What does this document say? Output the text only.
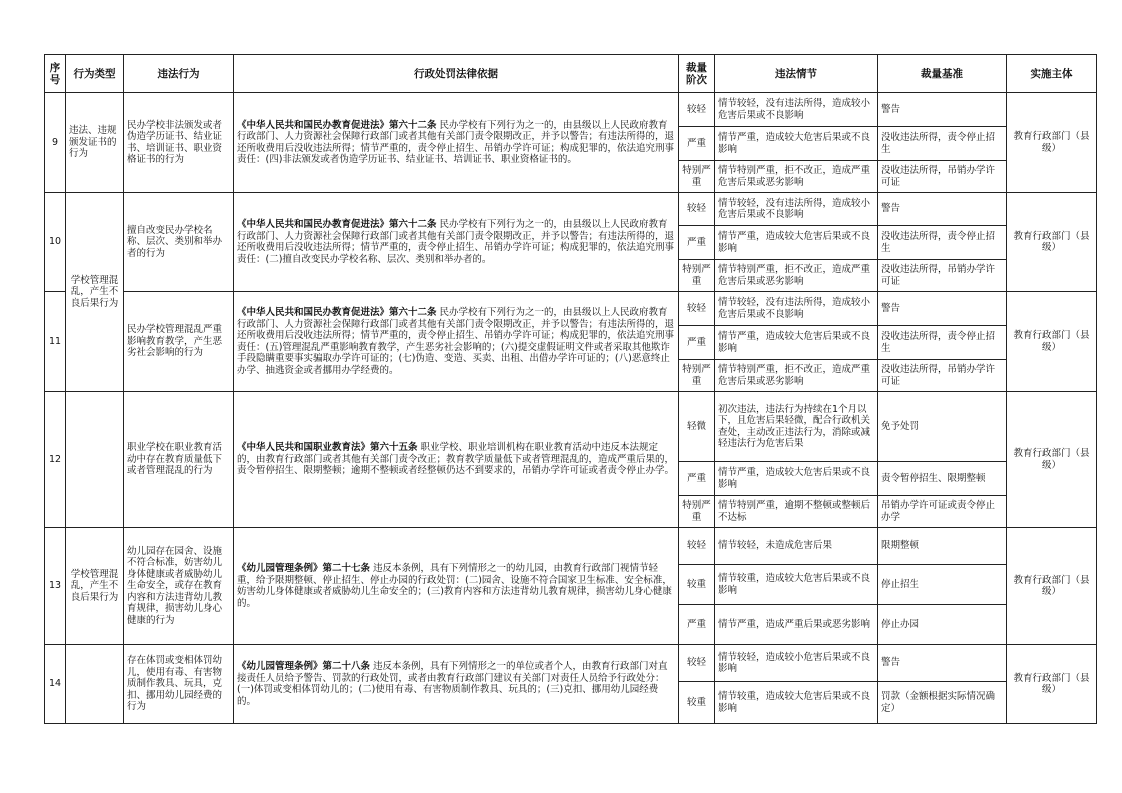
序号	行为类型	违法行为	行政处罚法律依据	裁量阶次	违法情节	裁量基准	实施主体
9	违法、违规颁发证书的行为	民办学校非法颁发或者伪造学历证书、结业证书、培训证书、职业资格证书的行为	《中华人民共和国民办教育促进法》第六十二条 民办学校有下列行为之一的，由县级以上人民政府教育行政部门、人力资源社会保障行政部门或者其他有关部门责令限期改正，并予以警告；有违法所得的，退还所收费用后没收违法所得；情节严重的，责令停止招生、吊销办学许可证；构成犯罪的，依法追究刑事责任：(四)非法颁发或者伪造学历证书、结业证书、培训证书、职业资格证书的。	较轻	情节较轻，没有违法所得，造成较小危害后果或不良影响	警告	教育行政部门（县级）
				严重	情节严重，造成较大危害后果或不良影响	没收违法所得，责令停止招生	
				特别严重	情节特别严重，拒不改正，造成严重危害后果或恶劣影响	没收违法所得，吊销办学许可证	
10	学校管理混乱，产生不良后果行为	擅自改变民办学校名称、层次、类别和举办者的行为	《中华人民共和国民办教育促进法》第六十二条 民办学校有下列行为之一的，由县级以上人民政府教育行政部门、人力资源社会保障行政部门或者其他有关部门责令限期改正，并予以警告；有违法所得的，退还所收费用后没收违法所得；情节严重的，责令停止招生、吊销办学许可证；构成犯罪的，依法追究刑事责任：(二)擅自改变民办学校名称、层次、类别和举办者的。	较轻	情节较轻，没有违法所得，造成较小危害后果或不良影响	警告	教育行政部门（县级）
				严重	情节严重，造成较大危害后果或不良影响	没收违法所得，责令停止招生	
				特别严重	情节特别严重，拒不改正，造成严重危害后果或恶劣影响	没收违法所得，吊销办学许可证	
11		民办学校管理混乱严重影响教育教学，产生恶劣社会影响的行为	《中华人民共和国民办教育促进法》第六十二条 民办学校有下列行为之一的，由县级以上人民政府教育行政部门、人力资源社会保障行政部门或者其他有关部门责令限期改正，并予以警告；有违法所得的，退还所收费用后没收违法所得；情节严重的，责令停止招生、吊销办学许可证；构成犯罪的，依法追究刑事责任：(五)管理混乱严重影响教育教学，产生恶劣社会影响的；(六)提交虚假证明文件或者采取其他欺诈手段隐瞒重要事实骗取办学许可证的；(七)伪造、变造、买卖、出租、出借办学许可证的；(八)恶意终止办学、抽逃资金或者挪用办学经费的。	较轻	情节较轻，没有违法所得，造成较小危害后果或不良影响	警告	教育行政部门（县级）
				严重	情节严重，造成较大危害后果或不良影响	没收违法所得，责令停止招生	
				特别严重	情节特别严重，拒不改正，造成严重危害后果或恶劣影响	没收违法所得，吊销办学许可证	
12		职业学校在职业教育活动中存在教育质量低下或者管理混乱的行为	《中华人民共和国职业教育法》第六十五条 职业学校、职业培训机构在职业教育活动中违反本法规定的，由教育行政部门或者其他有关部门责令改正；教育教学质量低下或者管理混乱的，造成严重后果的，责令暂停招生、限期整顿；逾期不整顿或者经整顿仍达不到要求的，吊销办学许可证或者责令停止办学。	轻微	初次违法，违法行为持续在1个月以下，且危害后果轻微，配合行政机关查处，主动改正违法行为，消除或减轻违法行为危害后果	免予处罚	教育行政部门（县级）
				严重	情节严重，造成较大危害后果或不良影响	责令暂停招生、限期整顿	
				特别严重	情节特别严重，逾期不整顿或整顿后不达标	吊销办学许可证或责令停止办学	
13	学校管理混乱，产生不良后果行为	幼儿园存在园舍、设施不符合标准，妨害幼儿身体健康或者威胁幼儿生命安全，或存在教育内容和方法违背幼儿教育规律，损害幼儿身心健康的行为	《幼儿园管理条例》第二十七条 违反本条例，具有下列情形之一的幼儿园，由教育行政部门视情节轻重，给予限期整顿、停止招生、停止办园的行政处罚：(二)园舍、设施不符合国家卫生标准、安全标准，妨害幼儿身体健康或者威胁幼儿生命安全的；(三)教育内容和方法违背幼儿教育规律，损害幼儿身心健康的。	较轻	情节较轻，未造成危害后果	限期整顿	教育行政部门（县级）
				较重	情节较重，造成较大危害后果或不良影响	停止招生	
				严重	情节严重，造成严重后果或恶劣影响	停止办园	
14		存在体罚或变相体罚幼儿，使用有毒、有害物质制作教具、玩具，克扣、挪用幼儿园经费的行为	《幼儿园管理条例》第二十八条 违反本条例，具有下列情形之一的单位或者个人，由教育行政部门对直接责任人员给予警告、罚款的行政处罚，或者由教育行政部门建议有关部门对责任人员给予行政处分：(一)体罚或变相体罚幼儿的；(二)使用有毒、有害物质制作教具、玩具的；(三)克扣、挪用幼儿园经费的。	较轻	情节较轻，造成较小危害后果或不良影响	警告	教育行政部门（县级）
				较重	情节较重，造成较大危害后果或不良影响	罚款（金额根据实际情况确定）	
